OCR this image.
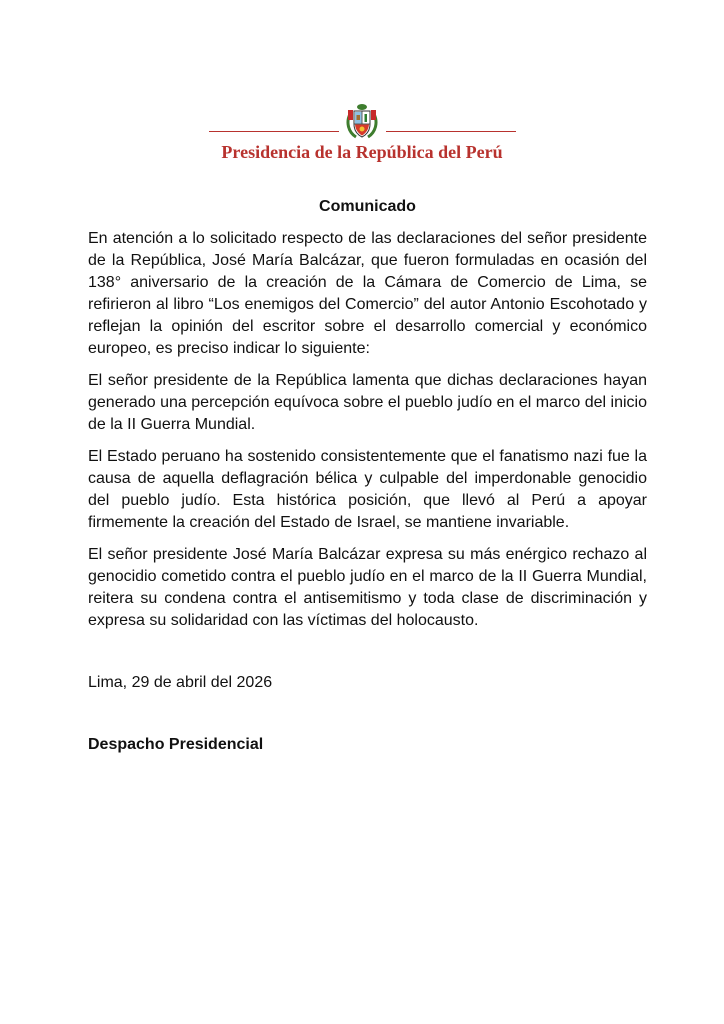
Presidencia de la República del Perú
Comunicado

En atención a lo solicitado respecto de las declaraciones del señor presidente de la República, José María Balcázar, que fueron formuladas en ocasión del 138° aniversario de la creación de la Cámara de Comercio de Lima, se refirieron al libro “Los enemigos del Comercio” del autor Antonio Escohotado y reflejan la opinión del escritor sobre el desarrollo comercial y económico europeo, es preciso indicar lo siguiente:

El señor presidente de la República lamenta que dichas declaraciones hayan generado una percepción equívoca sobre el pueblo judío en el marco del inicio de la II Guerra Mundial.

El Estado peruano ha sostenido consistentemente que el fanatismo nazi fue la causa de aquella deflagración bélica y culpable del imperdonable genocidio del pueblo judío. Esta histórica posición, que llevó al Perú a apoyar firmemente la creación del Estado de Israel, se mantiene invariable.

El señor presidente José María Balcázar expresa su más enérgico rechazo al genocidio cometido contra el pueblo judío en el marco de la II Guerra Mundial, reitera su condena contra el antisemitismo y toda clase de discriminación y expresa su solidaridad con las víctimas del holocausto.

Lima, 29 de abril del 2026
Despacho Presidencial
